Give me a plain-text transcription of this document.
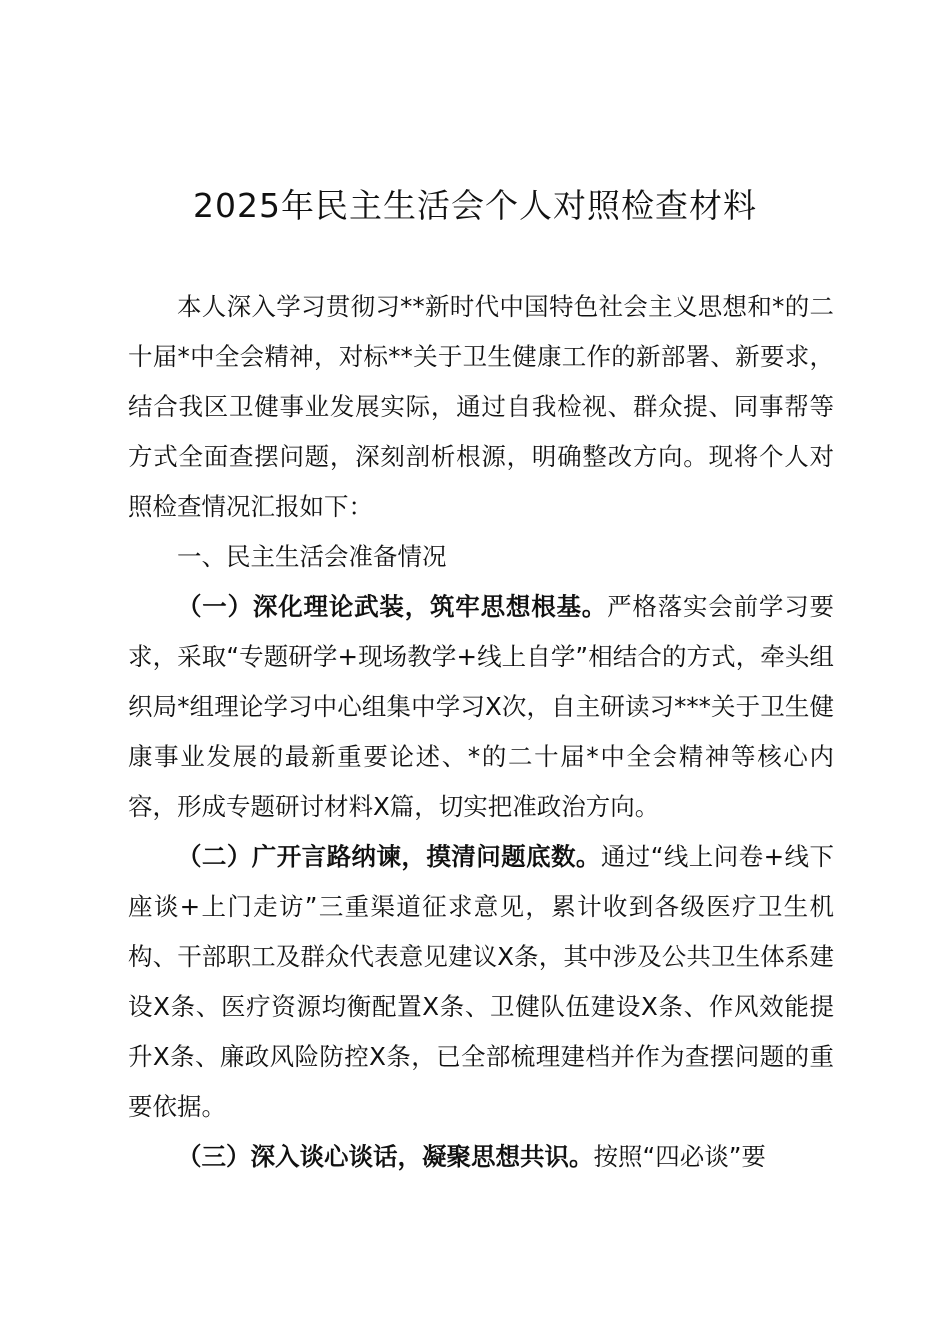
2025年民主生活会个人对照检查材料

本人深入学习贯彻习**新时代中国特色社会主义思想和*的二十届*中全会精神，对标**关于卫生健康工作的新部署、新要求，结合我区卫健事业发展实际，通过自我检视、群众提、同事帮等方式全面查摆问题，深刻剖析根源，明确整改方向。现将个人对照检查情况汇报如下：

一、民主生活会准备情况

（一）深化理论武装，筑牢思想根基。严格落实会前学习要求，采取“专题研学+现场教学+线上自学”相结合的方式，牵头组织局*组理论学习中心组集中学习X次，自主研读习***关于卫生健康事业发展的最新重要论述、*的二十届*中全会精神等核心内容，形成专题研讨材料X篇，切实把准政治方向。

（二）广开言路纳谏，摸清问题底数。通过“线上问卷+线下座谈+上门走访”三重渠道征求意见，累计收到各级医疗卫生机构、干部职工及群众代表意见建议X条，其中涉及公共卫生体系建设X条、医疗资源均衡配置X条、卫健队伍建设X条、作风效能提升X条、廉政风险防控X条，已全部梳理建档并作为查摆问题的重要依据。

（三）深入谈心谈话，凝聚思想共识。按照“四必谈”要
